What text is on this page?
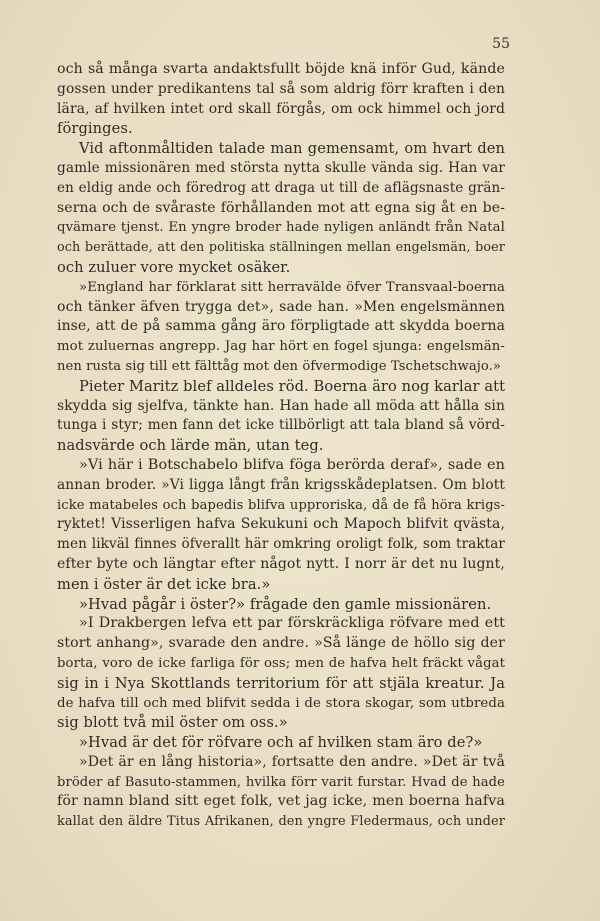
55
och så många svarta andaktsfullt böjde knä inför Gud, kände
gossen under predikantens tal så som aldrig förr kraften i den
lära, af hvilken intet ord skall förgås, om ock himmel och jord
förginges.
Vid aftonmåltiden talade man gemensamt, om hvart den
gamle missionären med största nytta skulle vända sig. Han var
en eldig ande och föredrog att draga ut till de aflägsnaste grän-
serna och de svåraste förhållanden mot att egna sig åt en be-
qvämare tjenst. En yngre broder hade nyligen anländt från Natal
och berättade, att den politiska ställningen mellan engelsmän, boer
och zuluer vore mycket osäker.
»England har förklarat sitt herravälde öfver Transvaal-boerna
och tänker äfven trygga det», sade han. »Men engelsmännen
inse, att de på samma gång äro förpligtade att skydda boerna
mot zuluernas angrepp. Jag har hört en fogel sjunga: engelsmän-
nen rusta sig till ett fälttåg mot den öfvermodige Tschetschwajo.»
Pieter Maritz blef alldeles röd. Boerna äro nog karlar att
skydda sig sjelfva, tänkte han. Han hade all möda att hålla sin
tunga i styr; men fann det icke tillbörligt att tala bland så vörd-
nadsvärde och lärde män, utan teg.
»Vi här i Botschabelo blifva föga berörda deraf», sade en
annan broder. »Vi ligga långt från krigsskådeplatsen. Om blott
icke matabeles och bapedis blifva upproriska, då de få höra krigs-
ryktet! Visserligen hafva Sekukuni och Mapoch blifvit qvästa,
men likväl finnes öfverallt här omkring oroligt folk, som traktar
efter byte och längtar efter något nytt. I norr är det nu lugnt,
men i öster är det icke bra.»
»Hvad pågår i öster?» frågade den gamle missionären.
»I Drakbergen lefva ett par förskräckliga röfvare med ett
stort anhang», svarade den andre. »Så länge de höllo sig der
borta, voro de icke farliga för oss; men de hafva helt fräckt vågat
sig in i Nya Skottlands territorium för att stjäla kreatur. Ja
de hafva till och med blifvit sedda i de stora skogar, som utbreda
sig blott två mil öster om oss.»
»Hvad är det för röfvare och af hvilken stam äro de?»
»Det är en lång historia», fortsatte den andre. »Det är två
bröder af Basuto-stammen, hvilka förr varit furstar. Hvad de hade
för namn bland sitt eget folk, vet jag icke, men boerna hafva
kallat den äldre Titus Afrikanen, den yngre Fledermaus, och under
